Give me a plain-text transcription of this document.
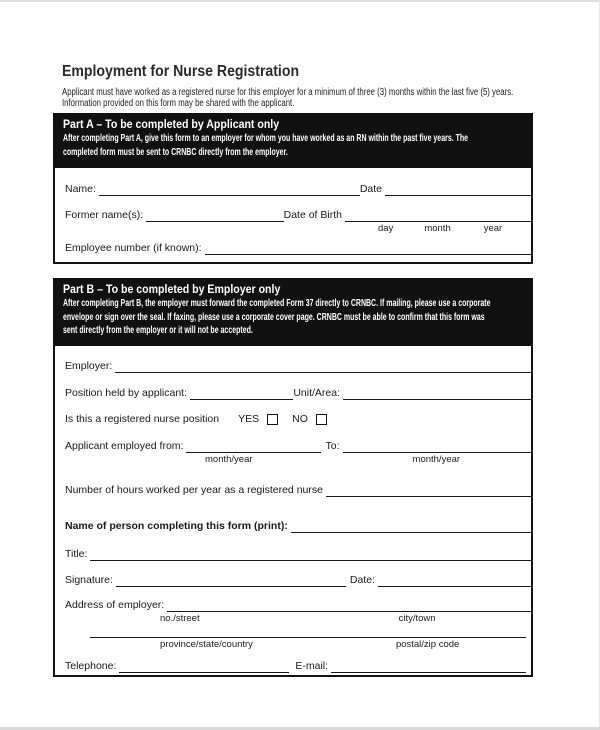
Employment for Nurse Registration
Applicant must have worked as a registered nurse for this employer for a minimum of three (3) months within the last five (5) years.
Information provided on this form may be shared with the applicant.
Part A – To be completed by Applicant only
After completing Part A, give this form to an employer for whom you have worked as an RN within the past five years. The
completed form must be sent to CRNBC directly from the employer.
Name:	Date
Former name(s):	Date of Birth
day	month	year
Employee number (if known):
Part B – To be completed by Employer only
After completing Part B, the employer must forward the completed Form 37 directly to CRNBC. If mailing, please use a corporate
envelope or sign over the seal. If faxing, please use a corporate cover page. CRNBC must be able to confirm that this form was
sent directly from the employer or it will not be accepted.
Employer:
Position held by applicant:	Unit/Area:
Is this a registered nurse position YES	NO
Applicant employed from:	To:
month/year	month/year
Number of hours worked per year as a registered nurse
Name of person completing this form (print):
Title:
Signature:	Date:
Address of employer:
no./street	city/town
province/state/country	postal/zip code
Telephone:	E-mail:
